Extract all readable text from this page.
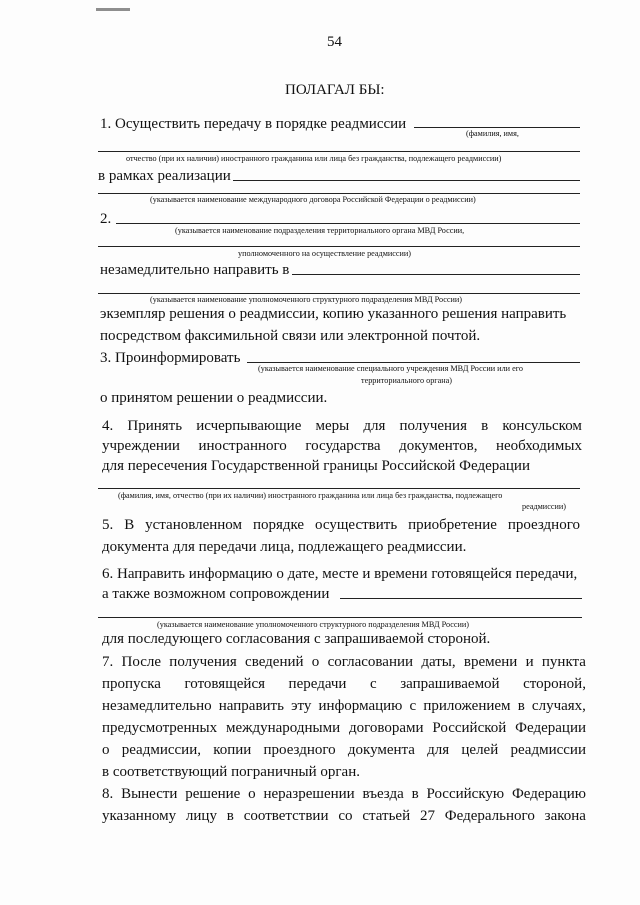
54
ПОЛАГАЛ БЫ:
1. Осуществить передачу в порядке реадмиссии
(фамилия, имя,
отчество (при их наличии) иностранного гражданина или лица без гражданства, подлежащего реадмиссии)
в рамках реализации
(указывается наименование международного договора Российской Федерации о реадмиссии)
2.
(указывается наименование подразделения территориального органа МВД России,
уполномоченного на осуществление реадмиссии)
незамедлительно направить в
(указывается наименование уполномоченного структурного подразделения МВД России)
экземпляр решения о реадмиссии, копию указанного решения направить
посредством факсимильной связи или электронной почтой.
3. Проинформировать
(указывается наименование специального учреждения МВД России или его
территориального органа)
о принятом решении о реадмиссии.
4. Принять исчерпывающие меры для получения в консульском
учреждении иностранного государства документов, необходимых
для пересечения Государственной границы Российской Федерации
(фамилия, имя, отчество (при их наличии) иностранного гражданина или лица без гражданства, подлежащего
реадмиссии)
5. В установленном порядке осуществить приобретение проездного
документа для передачи лица, подлежащего реадмиссии.
6. Направить информацию о дате, месте и времени готовящейся передачи,
а также возможном сопровождении
(указывается наименование уполномоченного структурного подразделения МВД России)
для последующего согласования с запрашиваемой стороной.
7. После получения сведений о согласовании даты, времени и пункта
пропуска готовящейся передачи с запрашиваемой стороной,
незамедлительно направить эту информацию с приложением в случаях,
предусмотренных международными договорами Российской Федерации
о реадмиссии, копии проездного документа для целей реадмиссии
в соответствующий пограничный орган.
8. Вынести решение о неразрешении въезда в Российскую Федерацию
указанному лицу в соответствии со статьей 27 Федерального закона
